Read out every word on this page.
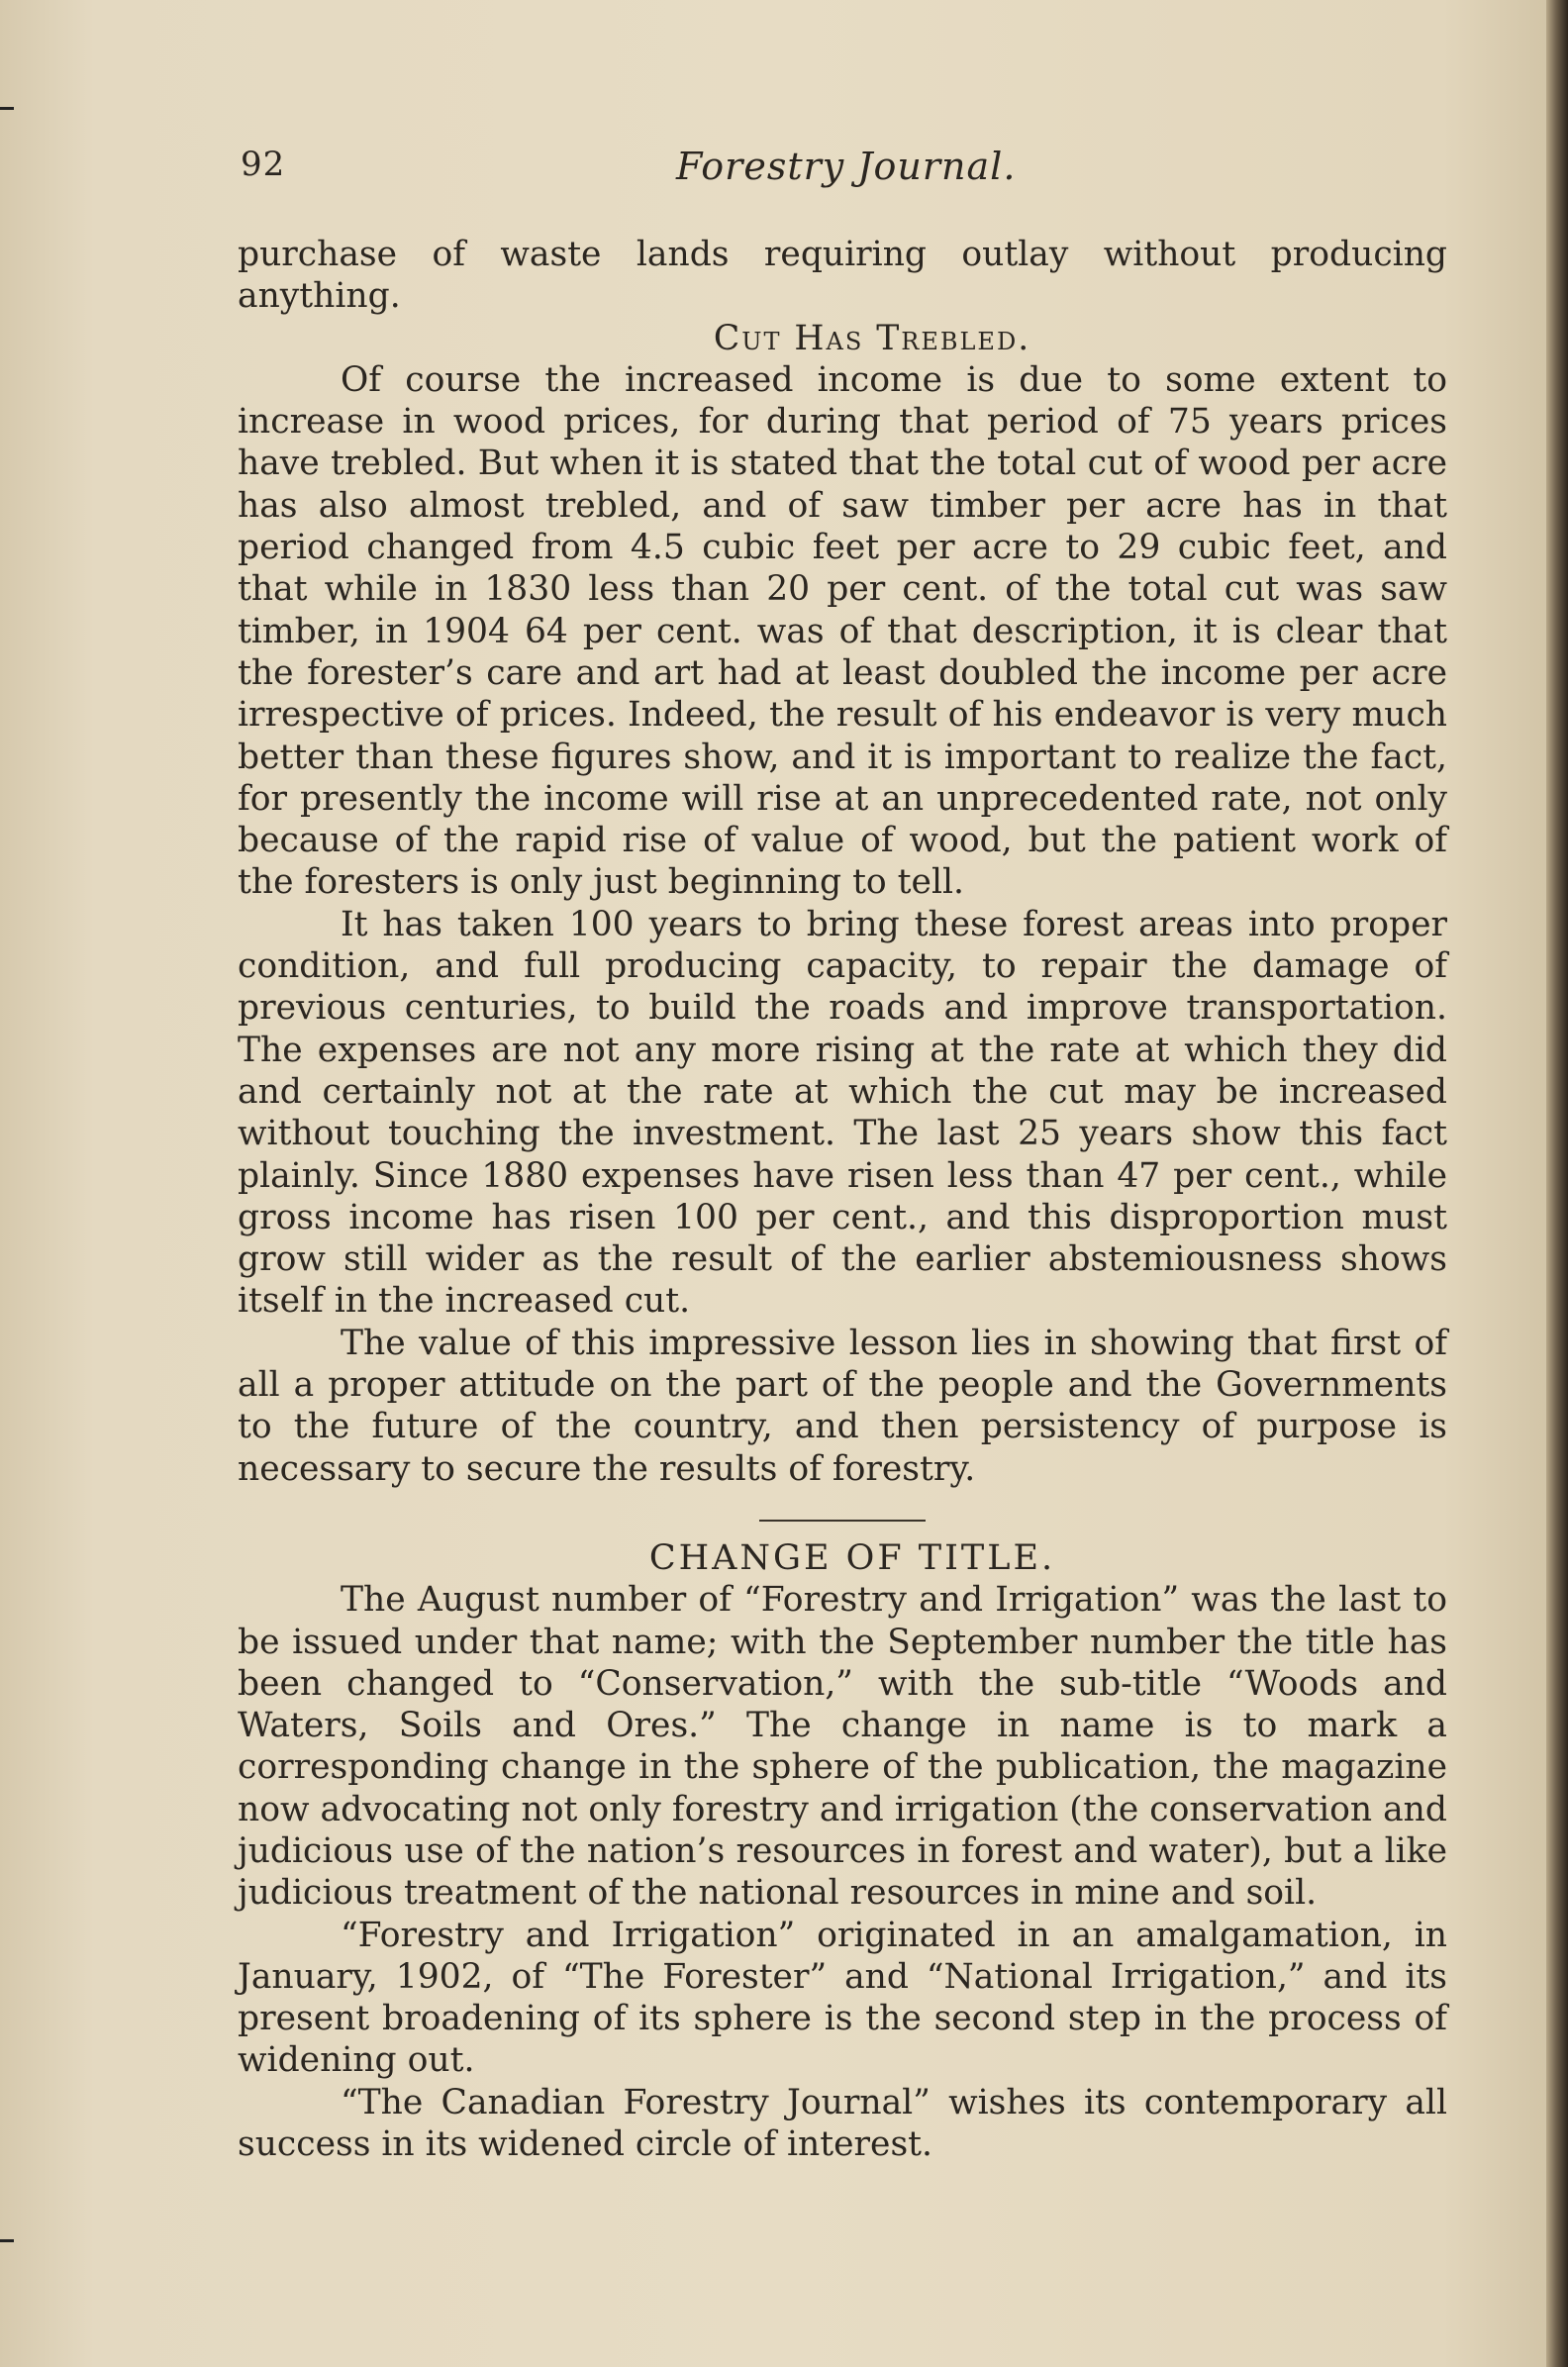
92	Forestry Journal.

purchase of waste lands requiring outlay without producing anything.

Cut Has Trebled.

Of course the increased income is due to some extent to increase in wood prices, for during that period of 75 years prices have trebled. But when it is stated that the total cut of wood per acre has also almost trebled, and of saw timber per acre has in that period changed from 4.5 cubic feet per acre to 29 cubic feet, and that while in 1830 less than 20 per cent. of the total cut was saw timber, in 1904 64 per cent. was of that description, it is clear that the forester’s care and art had at least doubled the income per acre irrespective of prices. Indeed, the result of his endeavor is very much better than these figures show, and it is important to realize the fact, for presently the income will rise at an unprecedented rate, not only because of the rapid rise of value of wood, but the patient work of the foresters is only just beginning to tell.

It has taken 100 years to bring these forest areas into proper condition, and full producing capacity, to repair the damage of previous centuries, to build the roads and improve transportation. The expenses are not any more rising at the rate at which they did and certainly not at the rate at which the cut may be increased without touching the investment. The last 25 years show this fact plainly. Since 1880 expenses have risen less than 47 per cent., while gross income has risen 100 per cent., and this disproportion must grow still wider as the result of the earlier abstemiousness shows itself in the increased cut.

The value of this impressive lesson lies in showing that first of all a proper attitude on the part of the people and the Governments to the future of the country, and then persistency of purpose is necessary to secure the results of forestry.

CHANGE OF TITLE.

The August number of “Forestry and Irrigation” was the last to be issued under that name; with the September number the title has been changed to “Conservation,” with the sub-title “Woods and Waters, Soils and Ores.” The change in name is to mark a corresponding change in the sphere of the publication, the magazine now advocating not only forestry and irrigation (the conservation and judicious use of the nation’s resources in forest and water), but a like judicious treatment of the national resources in mine and soil.

“Forestry and Irrigation” originated in an amalgamation, in January, 1902, of “The Forester” and “National Irrigation,” and its present broadening of its sphere is the second step in the process of widening out.

“The Canadian Forestry Journal” wishes its contemporary all success in its widened circle of interest.
